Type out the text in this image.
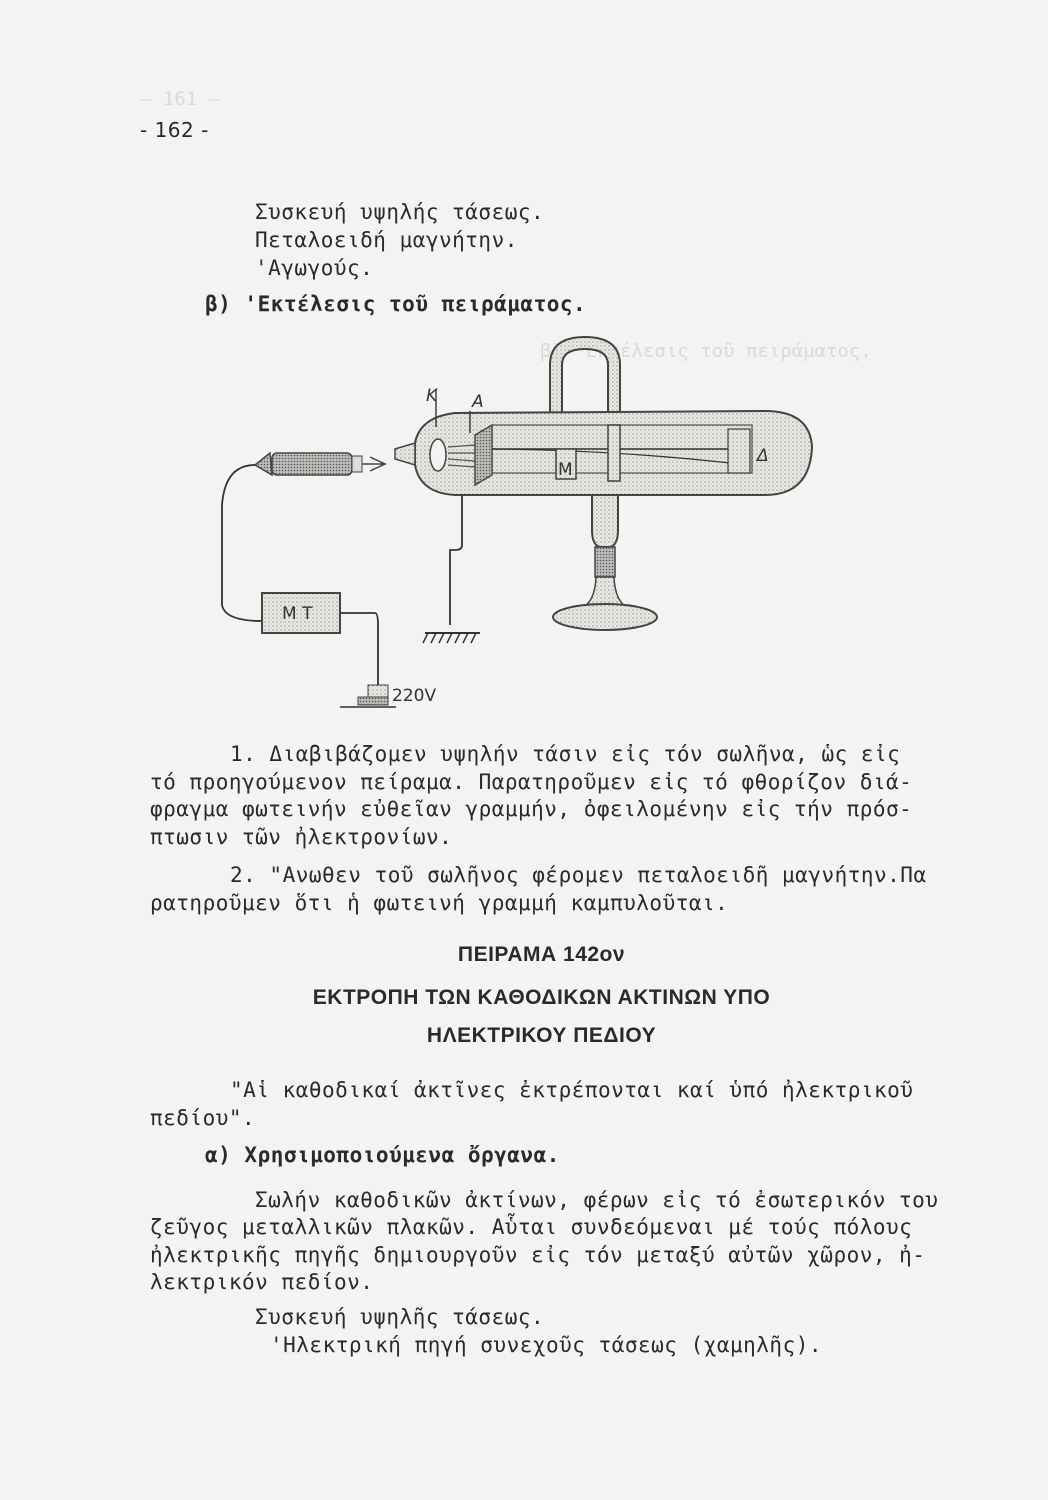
— 161 —
β) 'Εκτέλεσις τοῦ πειράματος.
- 162 -
Συσκευή υψηλής τάσεως.
Πεταλοειδή μαγνήτην.
'Αγωγούς.
β) 'Εκτέλεσις τοῦ πειράματος.
K A
M
Δ
M T
220V
1. Διαβιβάζομεν υψηλήν τάσιν εἰς τόν σωλῆνα, ὡς εἰς
τό προηγούμενον πείραμα. Παρατηροῦμεν εἰς τό φθορίζον διά-
φραγμα φωτεινήν εὐθεῖαν γραμμήν, ὀφειλομένην εἰς τήν πρόσ-
πτωσιν τῶν ἠλεκτρονίων.
2. "Ανωθεν τοῦ σωλῆνος φέρομεν πεταλοειδῆ μαγνήτην.Πα
ρατηροῦμεν ὅτι ἡ φωτεινή γραμμή καμπυλοῦται.
ΠΕΙΡΑΜΑ 142ον
ΕΚΤΡΟΠΗ ΤΩΝ ΚΑΘΟΔΙΚΩΝ ΑΚΤΙΝΩΝ ΥΠΟ
ΗΛΕΚΤΡΙΚΟΥ ΠΕΔΙΟΥ
"Αἱ καθοδικαί ἀκτῖνες ἐκτρέπονται καί ὑπό ἠλεκτρικοῦ
πεδίου".
α) Χρησιμοποιούμενα ὄργανα.
Σωλήν καθοδικῶν ἀκτίνων, φέρων εἰς τό ἐσωτερικόν του
ζεῦγος μεταλλικῶν πλακῶν. Αὗται συνδεόμεναι μέ τούς πόλους
ἠλεκτρικῆς πηγῆς δημιουργοῦν εἰς τόν μεταξύ αὐτῶν χῶρον, ἠ-
λεκτρικόν πεδίον.
Συσκευή υψηλῆς τάσεως.
'Ηλεκτρική πηγή συνεχοῦς τάσεως (χαμηλῆς).
